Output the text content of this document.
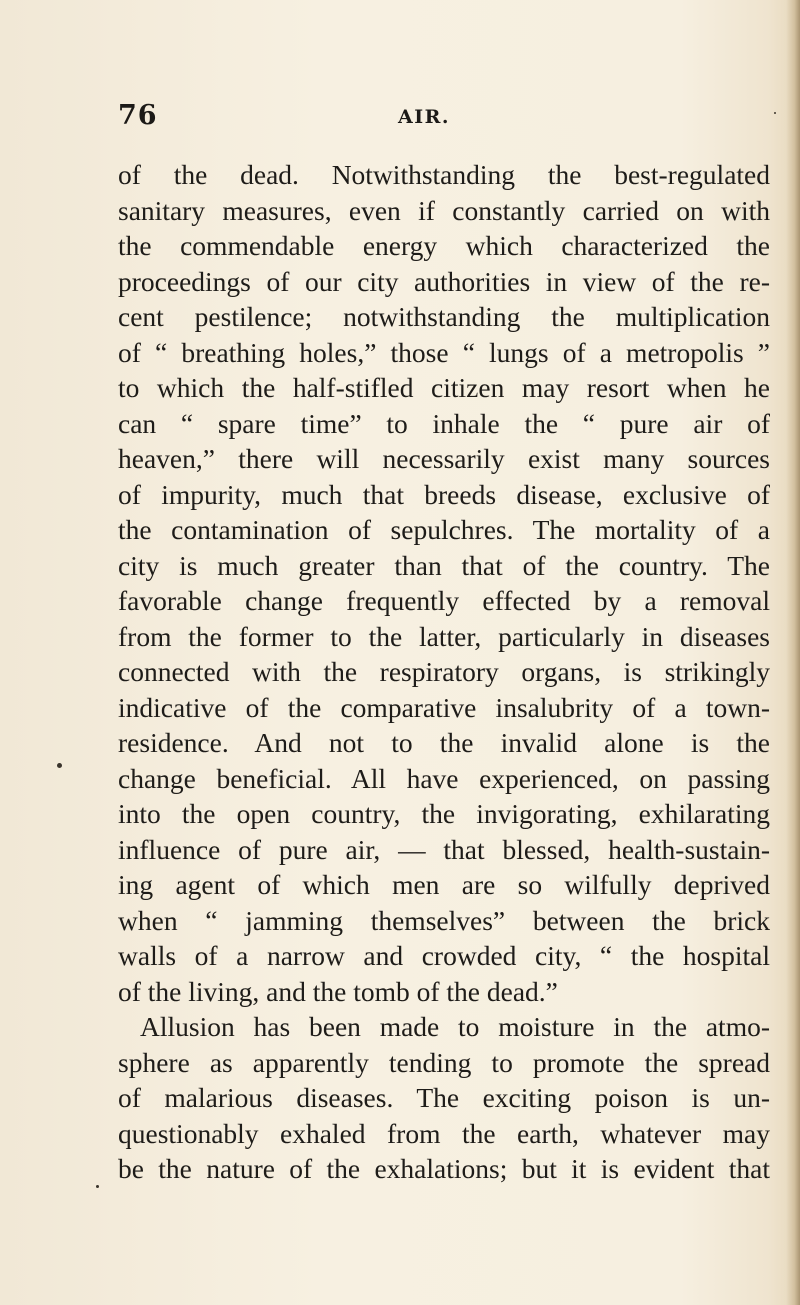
76	AIR.
of the dead. Notwithstanding the best-regulated
sanitary measures, even if constantly carried on with
the commendable energy which characterized the
proceedings of our city authorities in view of the re-
cent pestilence; notwithstanding the multiplication
of “ breathing holes,” those “ lungs of a metropolis ”
to which the half-stifled citizen may resort when he
can “ spare time” to inhale the “ pure air of
heaven,” there will necessarily exist many sources
of impurity, much that breeds disease, exclusive of
the contamination of sepulchres. The mortality of a
city is much greater than that of the country. The
favorable change frequently effected by a removal
from the former to the latter, particularly in diseases
connected with the respiratory organs, is strikingly
indicative of the comparative insalubrity of a town-
residence. And not to the invalid alone is the
change beneficial. All have experienced, on passing
into the open country, the invigorating, exhilarating
influence of pure air, — that blessed, health-sustain-
ing agent of which men are so wilfully deprived
when “ jamming themselves” between the brick
walls of a narrow and crowded city, “ the hospital
of the living, and the tomb of the dead.”
Allusion has been made to moisture in the atmo-
sphere as apparently tending to promote the spread
of malarious diseases. The exciting poison is un-
questionably exhaled from the earth, whatever may
be the nature of the exhalations; but it is evident that
